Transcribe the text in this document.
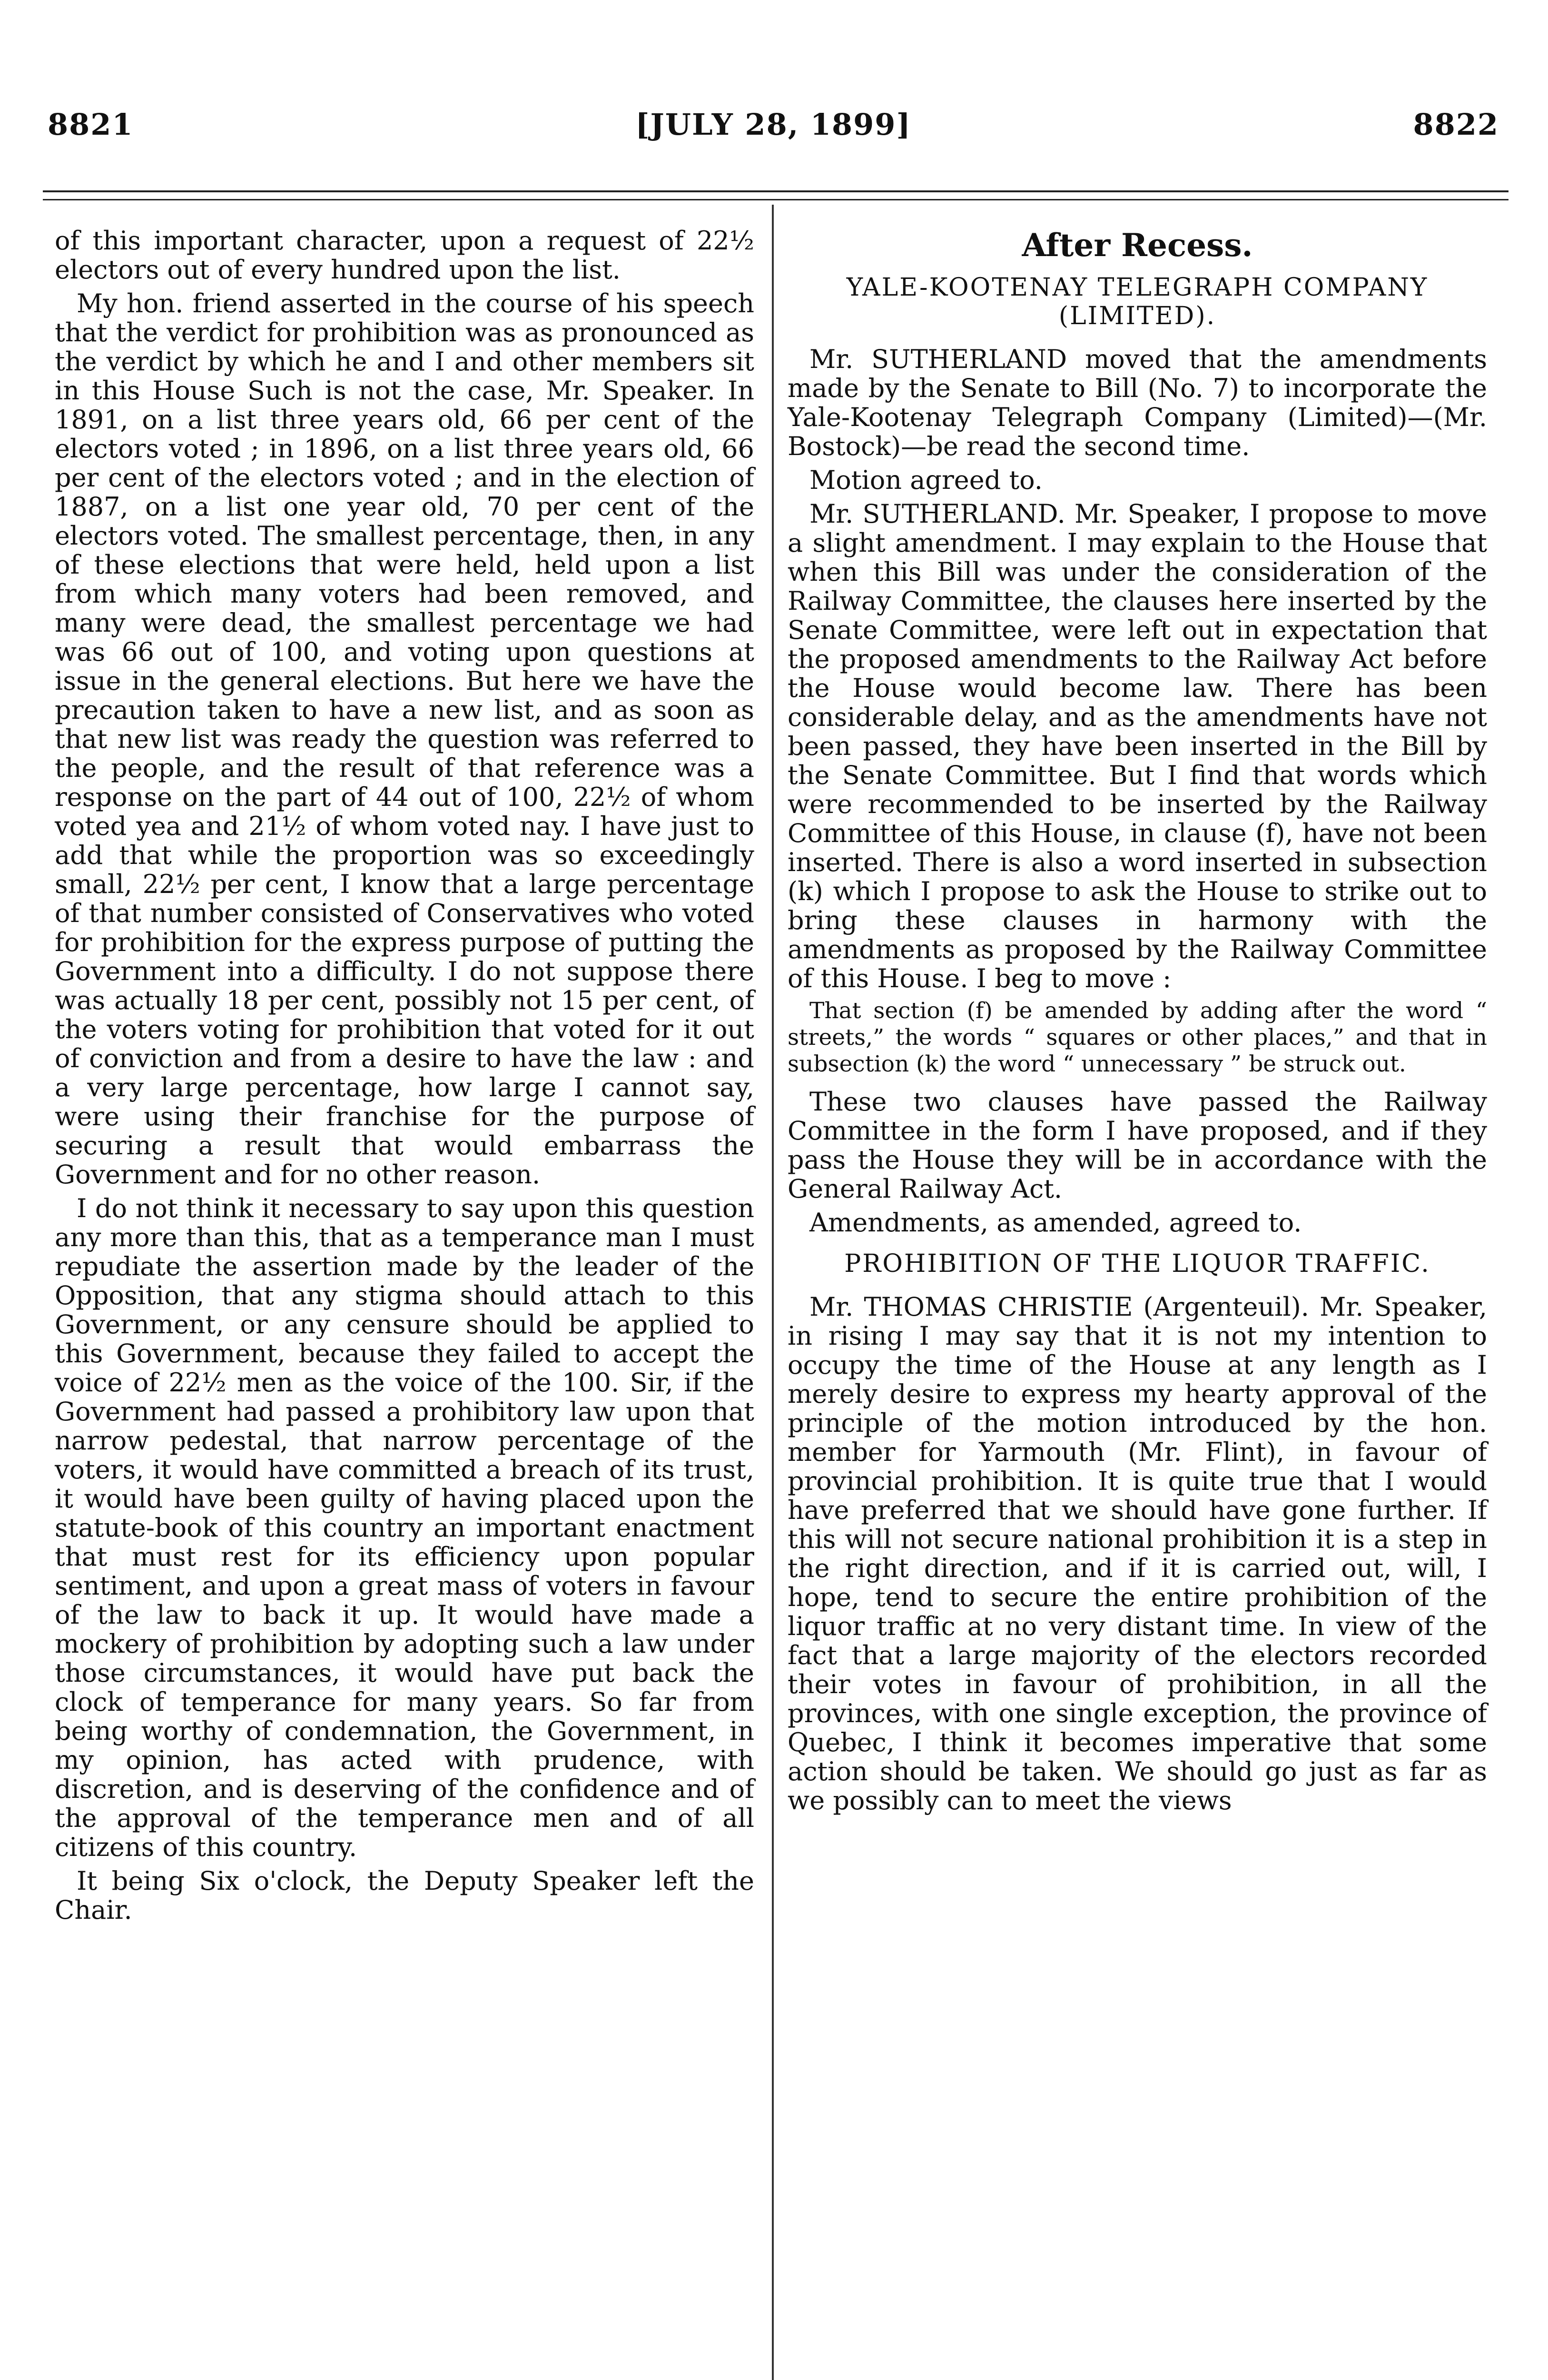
8821	[JULY 28, 1899]	8822

of this important character, upon a request of 22½ electors out of every hundred upon the list.

My hon. friend asserted in the course of his speech that the verdict for prohibition was as pronounced as the verdict by which he and I and other members sit in this House Such is not the case, Mr. Speaker. In 1891, on a list three years old, 66 per cent of the electors voted ; in 1896, on a list three years old, 66 per cent of the electors voted ; and in the election of 1887, on a list one year old, 70 per cent of the electors voted. The smallest percentage, then, in any of these elections that were held, held upon a list from which many voters had been removed, and many were dead, the smallest percentage we had was 66 out of 100, and voting upon questions at issue in the general elections. But here we have the precaution taken to have a new list, and as soon as that new list was ready the question was referred to the people, and the result of that reference was a response on the part of 44 out of 100, 22½ of whom voted yea and 21½ of whom voted nay. I have just to add that while the proportion was so exceedingly small, 22½ per cent, I know that a large percentage of that number consisted of Conservatives who voted for prohibition for the express purpose of putting the Government into a difficulty. I do not suppose there was actually 18 per cent, possibly not 15 per cent, of the voters voting for prohibition that voted for it out of conviction and from a desire to have the law : and a very large percentage, how large I cannot say, were using their franchise for the purpose of securing a result that would embarrass the Government and for no other reason.

I do not think it necessary to say upon this question any more than this, that as a temperance man I must repudiate the assertion made by the leader of the Opposition, that any stigma should attach to this Government, or any censure should be applied to this Government, because they failed to accept the voice of 22½ men as the voice of the 100. Sir, if the Government had passed a prohibitory law upon that narrow pedestal, that narrow percentage of the voters, it would have committed a breach of its trust, it would have been guilty of having placed upon the statute-book of this country an important enactment that must rest for its efficiency upon popular sentiment, and upon a great mass of voters in favour of the law to back it up. It would have made a mockery of prohibition by adopting such a law under those circumstances, it would have put back the clock of temperance for many years. So far from being worthy of condemnation, the Government, in my opinion, has acted with prudence, with discretion, and is deserving of the confidence and of the approval of the temperance men and of all citizens of this country.

It being Six o'clock, the Deputy Speaker left the Chair.

After Recess.
YALE-KOOTENAY TELEGRAPH COMPANY (LIMITED).

Mr. SUTHERLAND moved that the amendments made by the Senate to Bill (No. 7) to incorporate the Yale-Kootenay Telegraph Company (Limited)—(Mr. Bostock)—be read the second time.

Motion agreed to.

Mr. SUTHERLAND. Mr. Speaker, I propose to move a slight amendment. I may explain to the House that when this Bill was under the consideration of the Railway Committee, the clauses here inserted by the Senate Committee, were left out in expectation that the proposed amendments to the Railway Act before the House would become law. There has been considerable delay, and as the amendments have not been passed, they have been inserted in the Bill by the Senate Committee. But I find that words which were recommended to be inserted by the Railway Committee of this House, in clause (f), have not been inserted. There is also a word inserted in subsection (k) which I propose to ask the House to strike out to bring these clauses in harmony with the amendments as proposed by the Railway Committee of this House. I beg to move :

That section (f) be amended by adding after the word “ streets,” the words “ squares or other places,” and that in subsection (k) the word “ unnecessary ” be struck out.

These two clauses have passed the Railway Committee in the form I have proposed, and if they pass the House they will be in accordance with the General Railway Act.

Amendments, as amended, agreed to.

PROHIBITION OF THE LIQUOR TRAFFIC.

Mr. THOMAS CHRISTIE (Argenteuil). Mr. Speaker, in rising I may say that it is not my intention to occupy the time of the House at any length as I merely desire to express my hearty approval of the principle of the motion introduced by the hon. member for Yarmouth (Mr. Flint), in favour of provincial prohibition. It is quite true that I would have preferred that we should have gone further. If this will not secure national prohibition it is a step in the right direction, and if it is carried out, will, I hope, tend to secure the entire prohibition of the liquor traffic at no very distant time. In view of the fact that a large majority of the electors recorded their votes in favour of prohibition, in all the provinces, with one single exception, the province of Quebec, I think it becomes imperative that some action should be taken. We should go just as far as we possibly can to meet the views
